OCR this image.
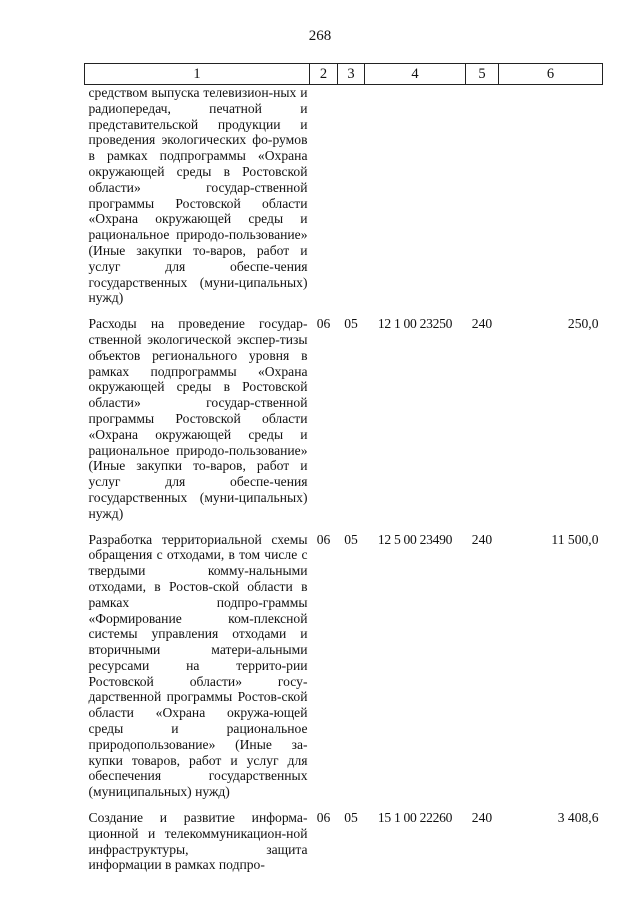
268
1	2	3	4	5	6
средством выпуска телевизион-ных и радиопередач, печатной и представительской продукции и проведения экологических фо-румов в рамках подпрограммы «Охрана окружающей среды в Ростовской области» государ-ственной программы Ростовской области «Охрана окружающей среды и рациональное природо-пользование» (Иные закупки то-варов, работ и услуг для обеспе-чения государственных (муни-ципальных) нужд)					
Расходы на проведение государ-ственной экологической экспер-тизы объектов регионального уровня в рамках подпрограммы «Охрана окружающей среды в Ростовской области» государ-ственной программы Ростовской области «Охрана окружающей среды и рациональное природо-пользование» (Иные закупки то-варов, работ и услуг для обеспе-чения государственных (муни-ципальных) нужд)	06	05	12 1 00 23250	240	250,0
Разработка территориальной схемы обращения с отходами, в том числе с твердыми комму-нальными отходами, в Ростов-ской области в рамках подпро-граммы «Формирование ком-плексной системы управления отходами и вторичными матери-альными ресурсами на террито-рии Ростовской области» госу-дарственной программы Ростов-ской области «Охрана окружа-ющей среды и рациональное природопользование» (Иные за-купки товаров, работ и услуг для обеспечения государственных (муниципальных) нужд)	06	05	12 5 00 23490	240	11 500,0
Создание и развитие информа-ционной и телекоммуникацион-ной инфраструктуры, защита информации в рамках подпро-	06	05	15 1 00 22260	240	3 408,6
